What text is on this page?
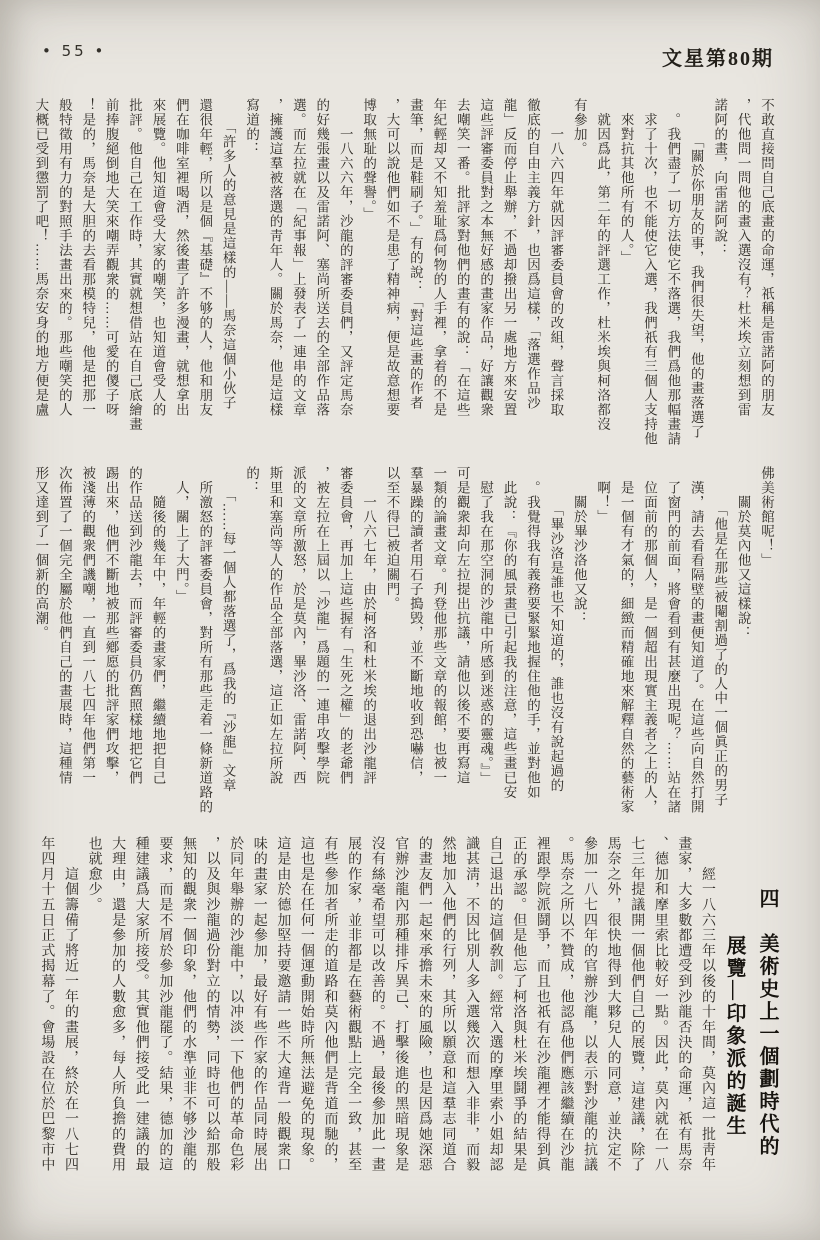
• 55 •	文星第80期
不敢直接問自己底畫的命運，祇稱是雷諾阿的朋友
，代他問一問他的畫入選沒有？杜米埃立刻想到雷
諾阿的畫，向雷諾阿說：
　　　「關於你朋友的事，我們很失望，他的畫落選了
　。我們盡了一切方法使它不落選，我們爲他那幅畫請
　求了十次，也不能使它入選，我們祇有三個人支持他
　來對抗其他所有的人。」
　就因爲此，第二年的評選工作，杜米埃與柯洛都沒
有參加。
　　一八六四年就因評審委員會的改組，聲言採取
徹底的自由主義方針，也因爲這樣，「落選作品沙
龍」反而停止舉辦，不過却撥出另一處地方來安置
這些評審委員對之本無好感的畫家作品，好讓觀衆
去嘲笑一番。批評家對他們的畫有的說：「在這些
年紀輕却又不知羞耻爲何物的人手裡，拿着的不是
畫筆，而是鞋刷子。」有的說：「對這些畫的作者
，大可以說他們如不是患了精神病，便是故意想要
博取無耻的聲譽。」
　　一八六六年，沙龍的評審委員們，又評定馬奈
的好幾張畫以及雷諾阿、塞尚所送去的全部作品落
選。而左拉就在「紀事報」上發表了一連串的文章
，擁護這羣被落選的靑年人。關於馬奈，他是這樣
寫道的：
　　「許多人的意見是這樣的——馬奈這個小伙子
還很年輕，所以是個『基礎』不够的人，他和朋友
們在咖啡室裡喝酒，然後畫了許多漫畫，就想拿出
來展覽。他知道會受大家的嘲笑，也知道會受人的
批評。他自己在工作時，其實就想借站在自己底繪畫
前捧腹絕倒地大笑來嘲弄觀衆的……可愛的儍子呀
！是的，馬奈是大胆的去看那模特兒，他是把那一
般特徵用有力的對照手法畫出來的。那些嘲笑的人
大概已受到懲罰了吧！……馬奈安身的地方便是盧
佛美術館呢！」
　　關於莫內他又這樣說：
　　　「他是在那些被閹割過了的人中一個眞正的男子
　漢，請去看看隔壁的畫便知道了。在這些向自然打開
　了窗門的前面，將會看到有甚麼出現呢？……站在諸
　位面前的那個人，是一個超出現實主義者之上的人，
　是一個有才氣的，細緻而精確地來解釋自然的藝術家
　啊！」
　　關於畢沙洛他又說：
　　　「畢沙洛是誰也不知道的，誰也沒有說起過的
　。我覺得我有義務要緊緊地握住他的手，並對他如
　此說：『你的風景畫已引起我的注意，這些畫已安
　慰了我在那空洞的沙龍中所感到迷惑的靈魂。』」
可是觀衆却向左拉提出抗議，請他以後不要再寫這
一類的論畫文章。刋登他那些文章的報館，也被一
羣暴躁的讀者用石子搗毁，並不斷地收到恐嚇信，
以至不得已被迫關門。
　　一八六七年，由於柯洛和杜米埃的退出沙龍評
審委員會，再加上這些握有「生死之權」的老爺們
，被左拉在上屆以「沙龍」爲題的一連串攻擊學院
派的文章所激怒，於是莫內，畢沙洛、雷諾阿、西
斯里和塞尚等人的作品全部落選，這正如左拉所說
的：
　　「……每一個人都落選了，爲我的『沙龍』文章
　所激怒的評審委員會，對所有那些走着一條新道路的
　人，關上了大門。」
　　隨後的幾年中，年輕的畫家們，繼續地把自己
的作品送到沙龍去，而評審委員仍舊照樣地把它們
踢出來，他們不斷地被那些鄕愿的批評家們攻擊，
被淺薄的觀衆們譏嘲，一直到一八七四年他們第一
次佈置了一個完全屬於他們自己的畫展時，這種情
形又達到了一個新的高潮。
四　美術史上一個劃時代的
展覽—印象派的誕生
　　經一八六三年以後的十年間，莫內這一批靑年
畫家，大多數都遭受到沙龍否決的命運，祇有馬奈
、德加和摩里索比較好一點。因此，莫內就在一八
七三年提議開一個他們自己的展覽，這建議，除了
馬奈之外，很快地得到大夥兒人的同意，並決定不
參加一八七四年的官辦沙龍，以表示對沙龍的抗議
。馬奈之所以不贊成，他認爲他們應該繼續在沙龍
裡跟學院派鬪爭，而且也祇有在沙龍裡才能得到眞
正的承認。但是他忘了柯洛與杜米埃鬪爭的結果是
自己退出的這個敎訓。經常入選的摩里索小姐却認
識甚淸，不因比別人多入選幾次而想入非非，而毅
然地加入他們的行列，其所以願意和這羣志同道合
的畫友們一起來承擔未來的風險，也是因爲她深惡
官辦沙龍內那種排斥異己、打擊後進的黑暗現象是
沒有絲毫希望可以改善的。不過，最後參加此一畫
展的作家，並非都是在藝術觀點上完全一致，甚至
有些參加者所走的道路和莫內他們是背道而馳的，
這也是在任何一個運動開始時所無法避免的現象。
這是由於德加堅持要邀請一些不大違背一般觀衆口
味的畫家一起參加，最好有些作家的作品同時展出
於同年舉辦的沙龍中，以冲淡一下他們的革命色彩
，以及與沙龍過份對立的情勢，同時也可以給那般
無知的觀衆一個印象，他們的水準並非不够沙龍的
要求，而是不屑於參加沙龍罷了。結果，德加的這
種建議爲大家所接受。其實他們接受此一建議的最
大理由，還是參加的人數愈多，每人所負擔的費用
也就愈少。
　　這個籌備了將近一年的畫展，終於在一八七四
年四月十五日正式揭幕了。會場設在位於巴黎市中
